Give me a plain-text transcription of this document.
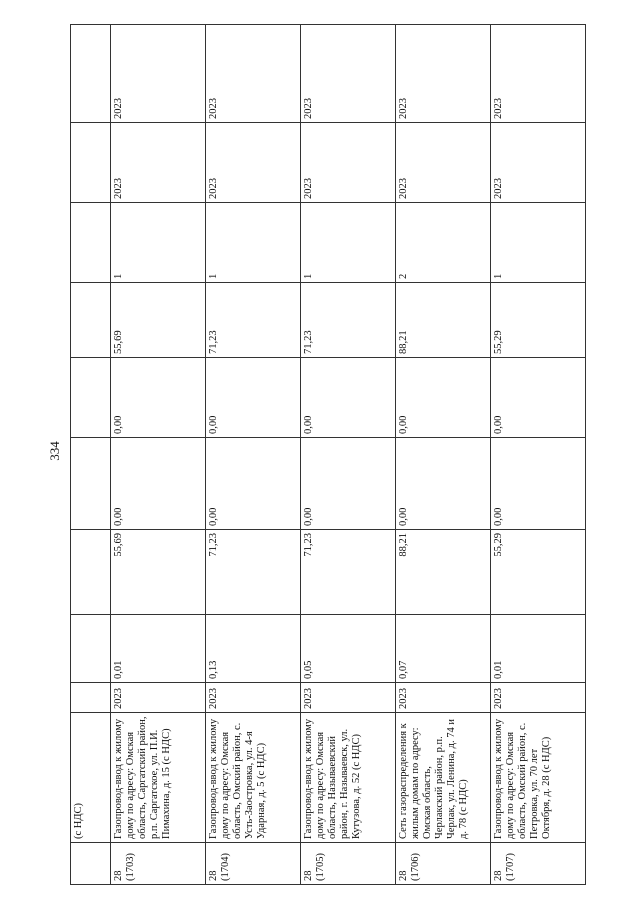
334
	(с НДС)									
28
(1703)	Газопровод-ввод к жилому дому по адресу: Омская область, Саргатский район, р.п. Саргатское, ул. П.И. Пимахина, д. 15 (с НДС)	2023	0,01	55,69	0,00	0,00	55,69	1	2023	2023
28
(1704)	Газопровод-ввод к жилому дому по адресу: Омская область, Омский район, с. Усть-Заостровка, ул. 4-я Ударная, д. 5 (с НДС)	2023	0,13	71,23	0,00	0,00	71,23	1	2023	2023
28
(1705)	Газопровод-ввод к жилому дому по адресу: Омская область, Называевский район, г. Называевск, ул. Кутузова, д. 52 (с НДС)	2023	0,05	71,23	0,00	0,00	71,23	1	2023	2023
28
(1706)	Сеть газораспределения к жилым домам по адресу: Омская область, Черлакский район, р.п. Черлак, ул. Ленина, д. 74 и д. 78 (с НДС)	2023	0,07	88,21	0,00	0,00	88,21	2	2023	2023
28
(1707)	Газопровод-ввод к жилому дому по адресу: Омская область, Омский район, с. Петровка, ул. 70 лет Октября, д. 28 (с НДС)	2023	0,01	55,29	0,00	0,00	55,29	1	2023	2023
